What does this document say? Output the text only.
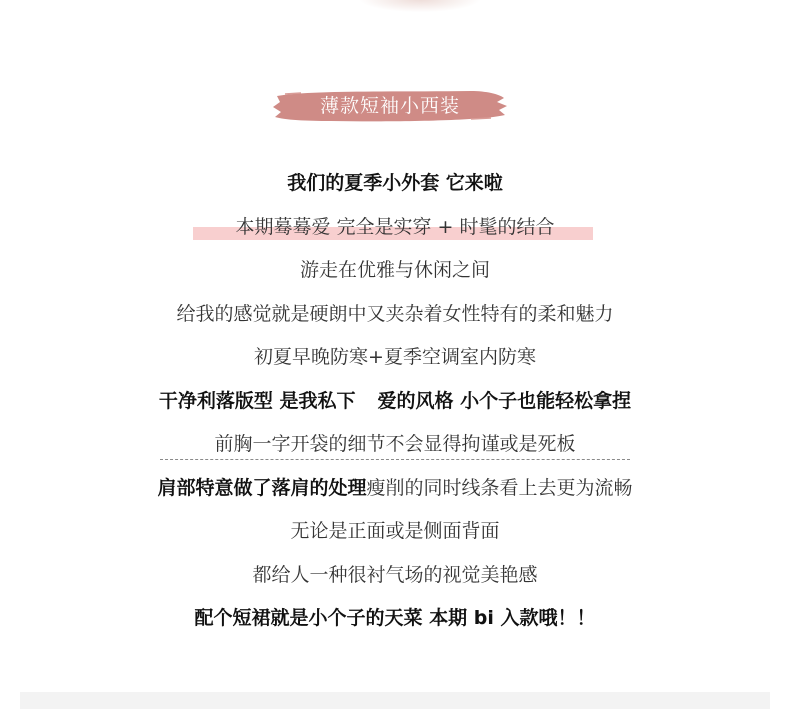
薄款短袖小西装
我们的夏季小外套 它来啦
本期蓦蓦爱 完全是实穿 + 时髦的结合
游走在优雅与休闲之间
给我的感觉就是硬朗中又夹杂着女性特有的柔和魅力
初夏早晚防寒+夏季空调室内防寒
干净利落版型 是我私下 爱的风格 小个子也能轻松拿捏
前胸一字开袋的细节不会显得拘谨或是死板
肩部特意做了落肩的处理瘦削的同时线条看上去更为流畅
无论是正面或是侧面背面
都给人一种很衬气场的视觉美艳感
配个短裙就是小个子的天菜 本期 bi 入款哦！！
